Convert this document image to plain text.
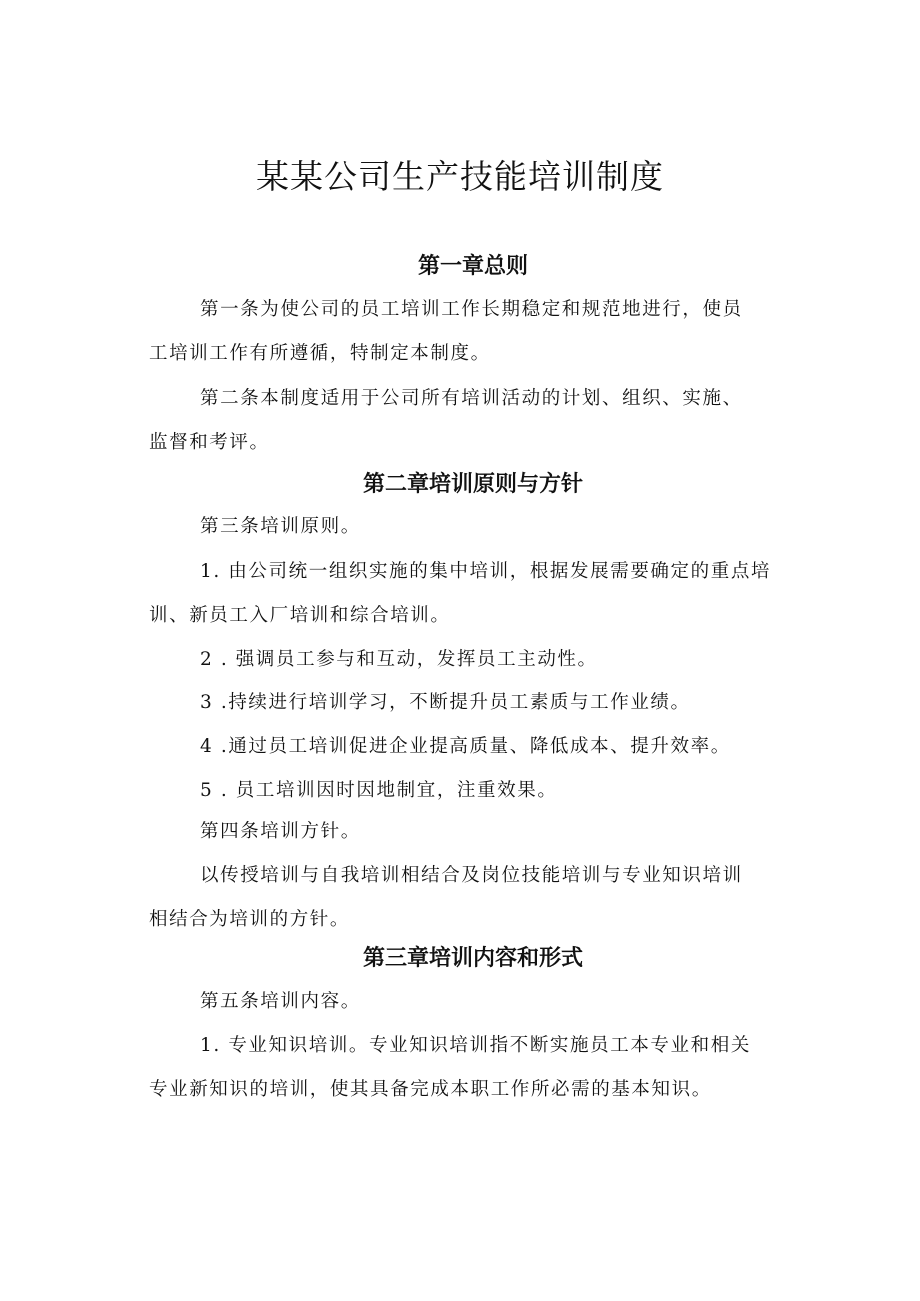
某某公司生产技能培训制度
第一章总则
第一条为使公司的员工培训工作长期稳定和规范地进行，使员
工培训工作有所遵循，特制定本制度。
第二条本制度适用于公司所有培训活动的计划、组织、实施、
监督和考评。
第二章培训原则与方针
第三条培训原则。
1. 由公司统一组织实施的集中培训，根据发展需要确定的重点培
训、新员工入厂培训和综合培训。
2 . 强调员工参与和互动，发挥员工主动性。
3 .持续进行培训学习，不断提升员工素质与工作业绩。
4 .通过员工培训促进企业提高质量、降低成本、提升效率。
5 . 员工培训因时因地制宜，注重效果。
第四条培训方针。
以传授培训与自我培训相结合及岗位技能培训与专业知识培训
相结合为培训的方针。
第三章培训内容和形式
第五条培训内容。
1. 专业知识培训。专业知识培训指不断实施员工本专业和相关
专业新知识的培训，使其具备完成本职工作所必需的基本知识。
